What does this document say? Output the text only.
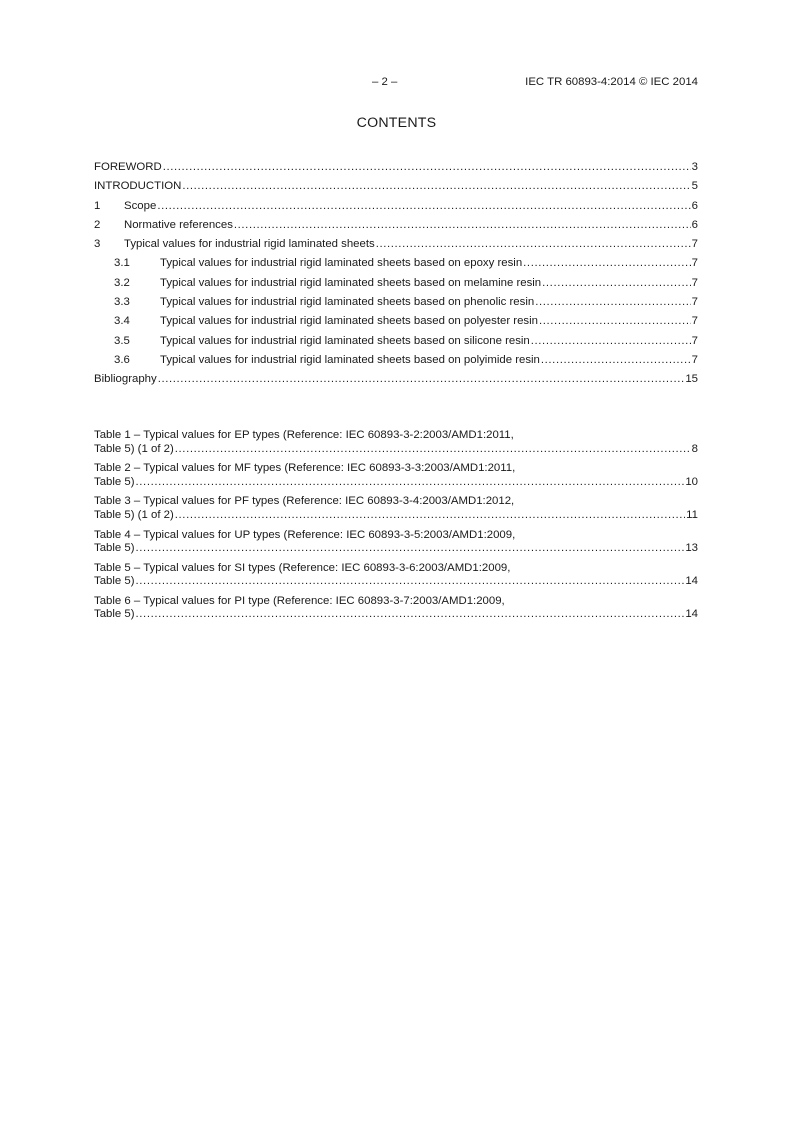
– 2 –	IEC TR 60893-4:2014 © IEC 2014
CONTENTS
FOREWORD .....	3
INTRODUCTION .....	5
1	Scope .....	6
2	Normative references .....	6
3	Typical values for industrial rigid laminated sheets .....	7
3.1	Typical values for industrial rigid laminated sheets based on epoxy resin .....	7
3.2	Typical values for industrial rigid laminated sheets based on melamine resin .....	7
3.3	Typical values for industrial rigid laminated sheets based on phenolic resin .....	7
3.4	Typical values for industrial rigid laminated sheets based on polyester resin .....	7
3.5	Typical values for industrial rigid laminated sheets based on silicone resin .....	7
3.6	Typical values for industrial rigid laminated sheets based on polyimide resin .....	7
Bibliography .....	15
Table 1 – Typical values for EP types (Reference: IEC 60893-3-2:2003/AMD1:2011,
Table 5) (1 of 2) .....	8
Table 2 – Typical values for MF types (Reference: IEC 60893-3-3:2003/AMD1:2011,
Table 5) .....	10
Table 3 – Typical values for PF types (Reference: IEC 60893-3-4:2003/AMD1:2012,
Table 5) (1 of 2) .....	11
Table 4 – Typical values for UP types (Reference: IEC 60893-3-5:2003/AMD1:2009,
Table 5) .....	13
Table 5 – Typical values for SI types (Reference: IEC 60893-3-6:2003/AMD1:2009,
Table 5) .....	14
Table 6 – Typical values for PI type (Reference: IEC 60893-3-7:2003/AMD1:2009,
Table 5) .....	14
